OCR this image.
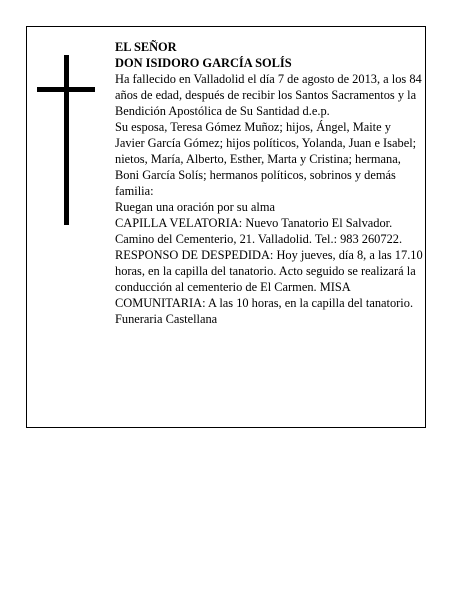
EL SEÑOR

DON ISIDORO GARCÍA SOLÍS

Ha fallecido en Valladolid el día 7 de agosto de 2013, a los 84 años de edad, después de recibir los Santos Sacramentos y la Bendición Apostólica de Su Santidad d.e.p.

Su esposa, Teresa Gómez Muñoz; hijos, Ángel, Maite y Javier García Gómez; hijos políticos, Yolanda, Juan e Isabel; nietos, María, Alberto, Esther, Marta y Cristina; hermana, Boni García Solís; hermanos políticos, sobrinos y demás familia:

Ruegan una oración por su alma

CAPILLA VELATORIA: Nuevo Tanatorio El Salvador. Camino del Cementerio, 21. Valladolid. Tel.: 983 260722. RESPONSO DE DESPEDIDA: Hoy jueves, día 8, a las 17.10 horas, en la capilla del tanatorio. Acto seguido se realizará la conducción al cementerio de El Carmen. MISA COMUNITARIA: A las 10 horas, en la capilla del tanatorio.

Funeraria Castellana
